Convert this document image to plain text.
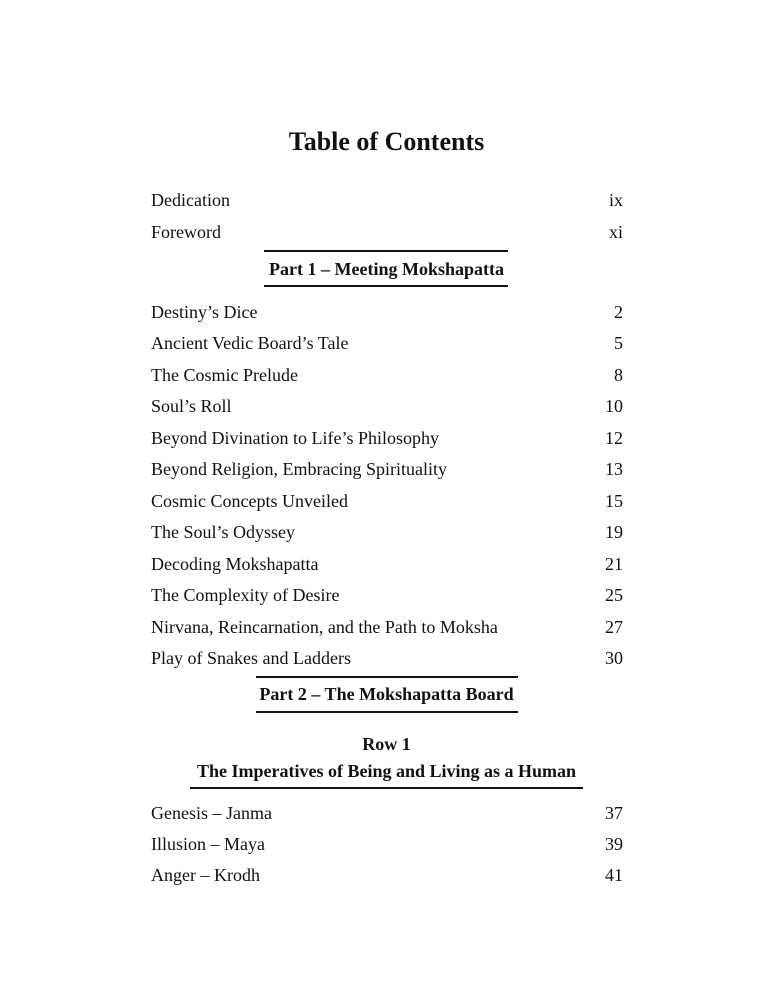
Table of Contents
Dedication	ix
Foreword	xi
Part 1 – Meeting Mokshapatta
Destiny’s Dice	2
Ancient Vedic Board’s Tale	5
The Cosmic Prelude	8
Soul’s Roll	10
Beyond Divination to Life’s Philosophy	12
Beyond Religion, Embracing Spirituality	13
Cosmic Concepts Unveiled	15
The Soul’s Odyssey	19
Decoding Mokshapatta	21
The Complexity of Desire	25
Nirvana, Reincarnation, and the Path to Moksha	27
Play of Snakes and Ladders	30
Part 2 – The Mokshapatta Board
Row 1
The Imperatives of Being and Living as a Human
Genesis – Janma	37
Illusion – Maya	39
Anger – Krodh	41
